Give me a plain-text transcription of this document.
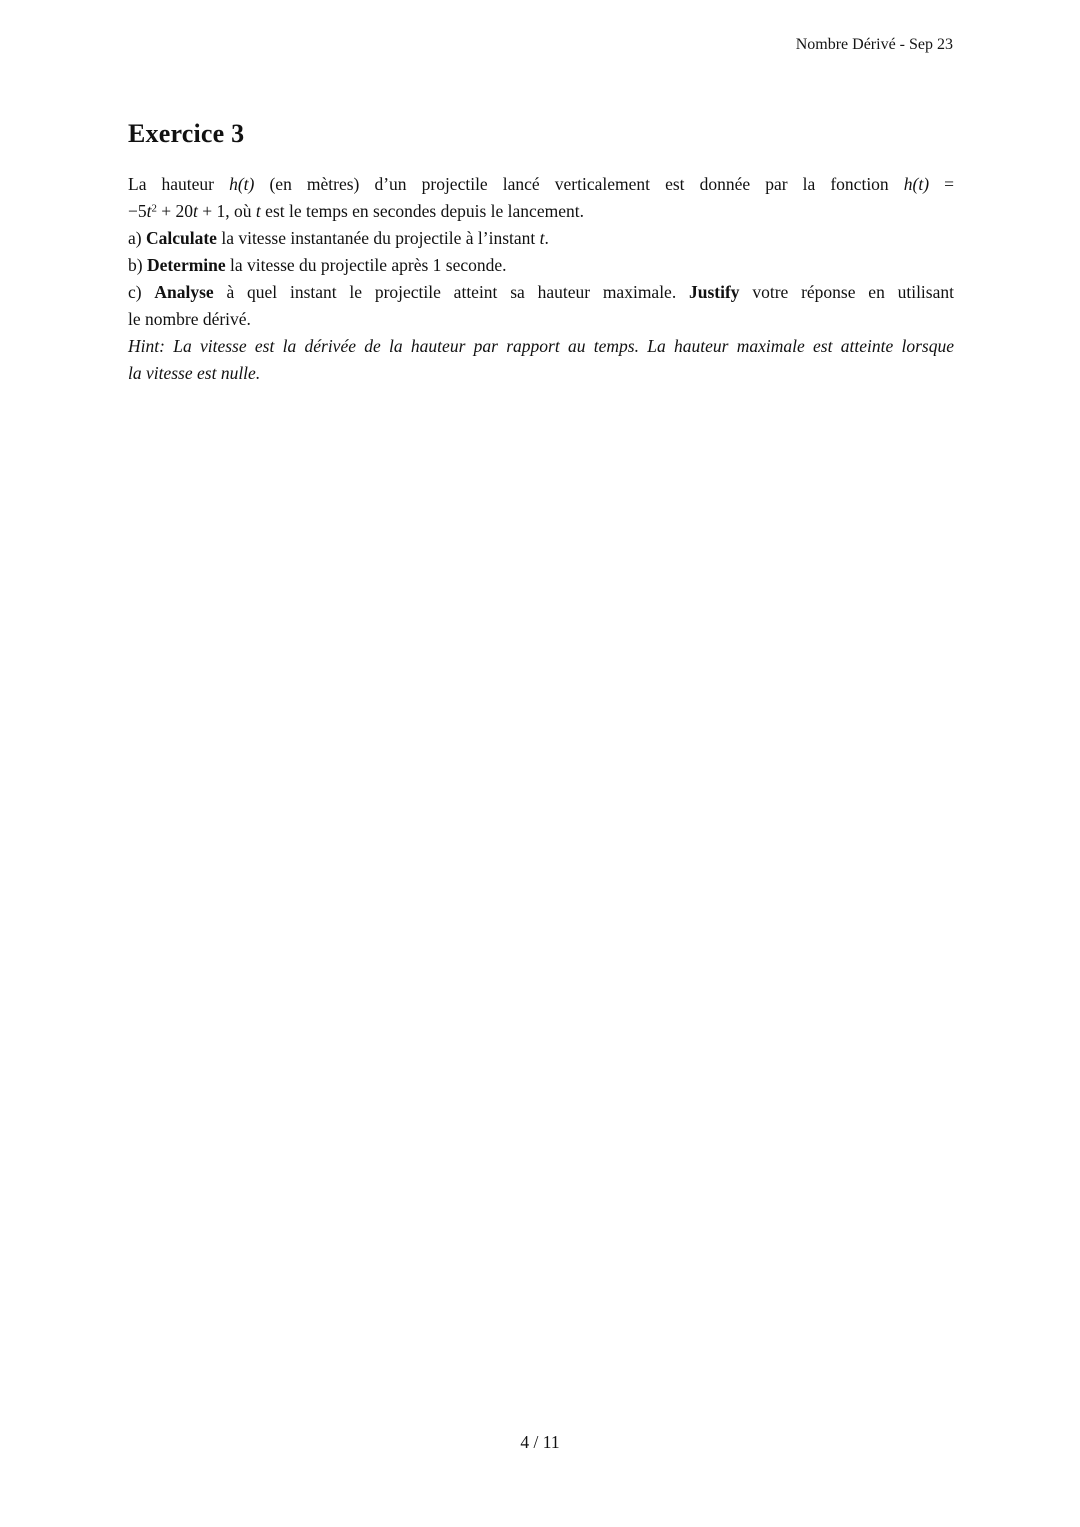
Nombre Dérivé - Sep 23
Exercice 3
La hauteur h(t) (en mètres) d’un projectile lancé verticalement est donnée par la fonction h(t) =
$-5t^2 + 20t + 1$, où t est le temps en secondes depuis le lancement.
a) Calculate la vitesse instantanée du projectile à l’instant t.
b) Determine la vitesse du projectile après 1 seconde.
c) Analyse à quel instant le projectile atteint sa hauteur maximale. Justify votre réponse en utilisant
le nombre dérivé.
Hint: La vitesse est la dérivée de la hauteur par rapport au temps. La hauteur maximale est atteinte lorsque
la vitesse est nulle.
4 / 11
